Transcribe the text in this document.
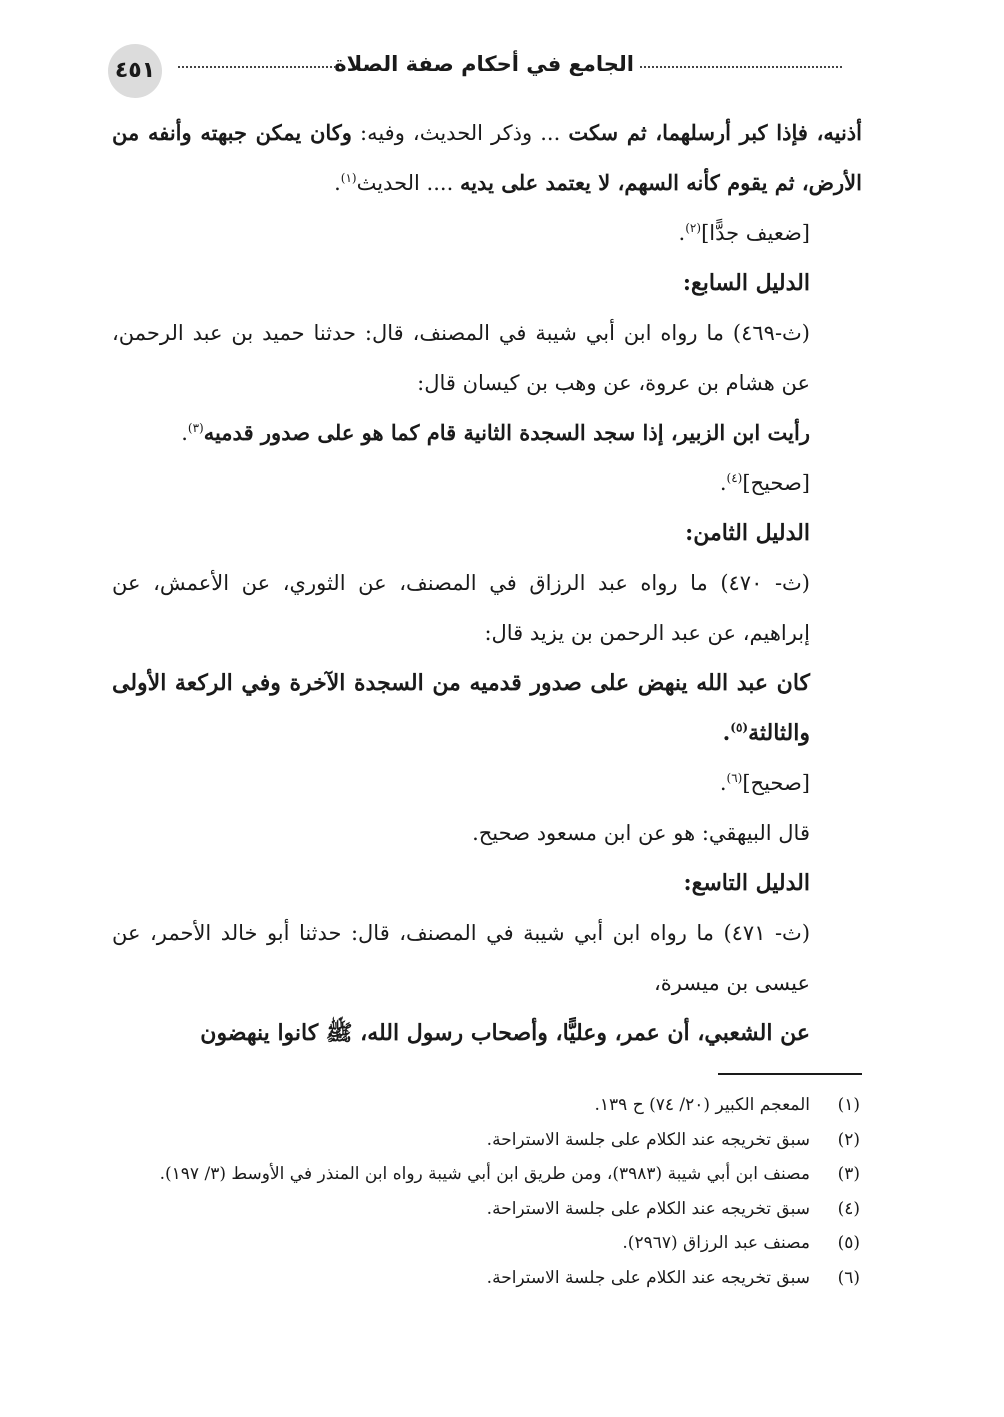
الجامع في أحكام صفة الصلاة
٤٥١

أذنيه، فإذا كبر أرسلهما، ثم سكت ... وذكر الحديث، وفيه: وكان يمكن جبهته وأنفه من الأرض، ثم يقوم كأنه السهم، لا يعتمد على يديه .... الحديث$^{(١)}$.

[ضعيف جدًّا]$^{(٢)}$.

الدليل السابع:

(ث-٤٦٩) ما رواه ابن أبي شيبة في المصنف، قال: حدثنا حميد بن عبد الرحمن، عن هشام بن عروة، عن وهب بن كيسان قال:

رأيت ابن الزبير، إذا سجد السجدة الثانية قام كما هو على صدور قدميه$^{(٣)}$.

[صحيح]$^{(٤)}$.

الدليل الثامن:

(ث- ٤٧٠) ما رواه عبد الرزاق في المصنف، عن الثوري، عن الأعمش، عن إبراهيم، عن عبد الرحمن بن يزيد قال:

كان عبد الله ينهض على صدور قدميه من السجدة الآخرة وفي الركعة الأولى والثالثة$^{(٥)}$.

[صحيح]$^{(٦)}$.

قال البيهقي: هو عن ابن مسعود صحيح.

الدليل التاسع:

(ث- ٤٧١) ما رواه ابن أبي شيبة في المصنف، قال: حدثنا أبو خالد الأحمر، عن عيسى بن ميسرة،

عن الشعبي، أن عمر، وعليًّا، وأصحاب رسول الله، ﷺ كانوا ينهضون

(١)المعجم الكبير (٢٠/ ٧٤) ح ١٣٩.

(٢)سبق تخريجه عند الكلام على جلسة الاستراحة.

(٣)مصنف ابن أبي شيبة (٣٩٨٣)، ومن طريق ابن أبي شيبة رواه ابن المنذر في الأوسط (٣/ ١٩٧).

(٤)سبق تخريجه عند الكلام على جلسة الاستراحة.

(٥)مصنف عبد الرزاق (٢٩٦٧).

(٦)سبق تخريجه عند الكلام على جلسة الاستراحة.
